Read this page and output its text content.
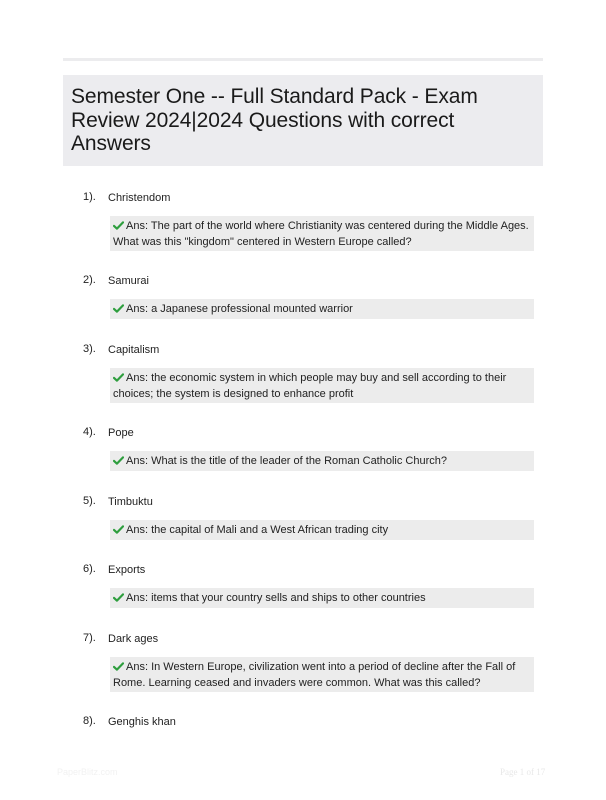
Semester One -- Full Standard Pack - Exam Review 2024|2024 Questions with correct Answers
1). Christendom
Ans: The part of the world where Christianity was centered during the Middle Ages. What was this "kingdom" centered in Western Europe called?
2). Samurai
Ans: a Japanese professional mounted warrior
3). Capitalism
Ans: the economic system in which people may buy and sell according to their choices; the system is designed to enhance profit
4). Pope
Ans: What is the title of the leader of the Roman Catholic Church?
5). Timbuktu
Ans: the capital of Mali and a West African trading city
6). Exports
Ans: items that your country sells and ships to other countries
7). Dark ages
Ans: In Western Europe, civilization went into a period of decline after the Fall of Rome. Learning ceased and invaders were common. What was this called?
8). Genghis khan
PaperBlitz.com	Page 1 of 17
